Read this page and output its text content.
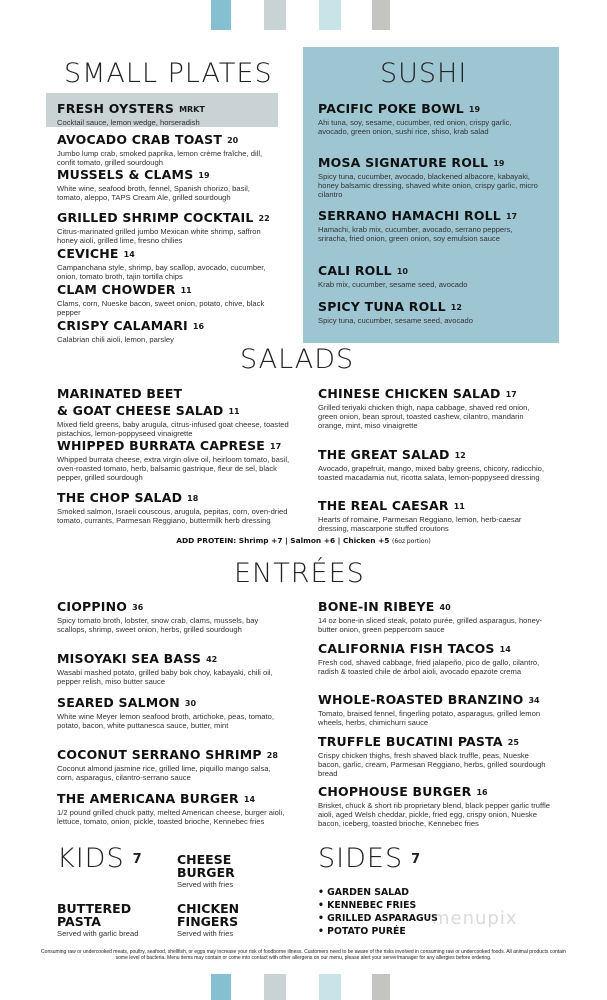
SMALL PLATES	SUSHI
SALADS
ENTRÉES
KIDS 7	SIDES 7
FRESH OYSTERS MRKT
Cocktail sauce, lemon wedge, horseradish
AVOCADO CRAB TOAST 20
Jumbo lump crab, smoked paprika, lemon crème fraîche, dill, confit tomato, grilled sourdough
MUSSELS & CLAMS 19
White wine, seafood broth, fennel, Spanish chorizo, basil, tomato, aleppo, TAPS Cream Ale, grilled sourdough
GRILLED SHRIMP COCKTAIL 22
Citrus-marinated grilled jumbo Mexican white shrimp, saffron honey aioli, grilled lime, fresno chilies
CEVICHE 14
Campanchana style, shrimp, bay scallop, avocado, cucumber, onion, tomato broth, tajin tortilla chips
CLAM CHOWDER 11
Clams, corn, Nueske bacon, sweet onion, potato, chive, black pepper
CRISPY CALAMARI 16
Calabrian chili aioli, lemon, parsley
PACIFIC POKE BOWL 19
Ahi tuna, soy, sesame, cucumber, red onion, crispy garlic, avocado, green onion, sushi rice, shiso, krab salad
MOSA SIGNATURE ROLL 19
Spicy tuna, cucumber, avocado, blackened albacore, kabayaki, honey balsamic dressing, shaved white onion, crispy garlic, micro cilantro
SERRANO HAMACHI ROLL 17
Hamachi, krab mix, cucumber, avocado, serrano peppers, sriracha, fried onion, green onion, soy emulsion sauce
CALI ROLL 10
Krab mix, cucumber, sesame seed, avocado
SPICY TUNA ROLL 12
Spicy tuna, cucumber, sesame seed, avocado
MARINATED BEET
& GOAT CHEESE SALAD 11
Mixed field greens, baby arugula, citrus-infused goat cheese, toasted pistachios, lemon-poppyseed vinaigrette
WHIPPED BURRATA CAPRESE 17
Whipped burrata cheese, extra virgin olive oil, heirloom tomato, basil, oven-roasted tomato, herb, balsamic gastrique, fleur de sel, black pepper, grilled sourdough
THE CHOP SALAD 18
Smoked salmon, Israeli couscous, arugula, pepitas, corn, oven-dried tomato, currants, Parmesan Reggiano, buttermilk herb dressing
CHINESE CHICKEN SALAD 17
Grilled teriyaki chicken thigh, napa cabbage, shaved red onion, green onion, bean sprout, toasted cashew, cilantro, mandarin orange, mint, miso vinaigrette
THE GREAT SALAD 12
Avocado, grapefruit, mango, mixed baby greens, chicory, radicchio, toasted macadamia nut, ricotta salata, lemon-poppyseed dressing
THE REAL CAESAR 11
Hearts of romaine, Parmesan Reggiano, lemon, herb-caesar dressing, mascarpone stuffed croutons
ADD PROTEIN: Shrimp +7 | Salmon +6 | Chicken +5 (6oz portion)
CIOPPINO 36
Spicy tomato broth, lobster, snow crab, clams, mussels, bay scallops, shrimp, sweet onion, herbs, grilled sourdough
MISOYAKI SEA BASS 42
Wasabi mashed potato, grilled baby bok choy, kabayaki, chili oil, pepper relish, miso butter sauce
SEARED SALMON 30
White wine Meyer lemon seafood broth, artichoke, peas, tomato, potato, bacon, white puttanesca sauce, butter, mint
COCONUT SERRANO SHRIMP 28
Coconut almond jasmine rice, grilled lime, piquillo mango salsa, corn, asparagus, cilantro-serrano sauce
THE AMERICANA BURGER 14
1/2 pound grilled chuck patty, melted American cheese, burger aioli, lettuce, tomato, onion, pickle, toasted brioche, Kennebec fries
BONE-IN RIBEYE 40
14 oz bone-in sliced steak, potato purée, grilled asparagus, honey-butter onion, green peppercorn sauce
CALIFORNIA FISH TACOS 14
Fresh cod, shaved cabbage, fried jalapeño, pico de gallo, cilantro, radish & toasted chile de árbol aioli, avocado epazote crema
WHOLE-ROASTED BRANZINO 34
Tomato, braised fennel, fingerling potato, asparagus, grilled lemon wheels, herbs, chimichurri sauce
TRUFFLE BUCATINI PASTA 25
Crispy chicken thighs, fresh shaved black truffle, peas, Nueske bacon, garlic, cream, Parmesan Reggiano, herbs, grilled sourdough bread
CHOPHOUSE BURGER 16
Brisket, chuck & short rib proprietary blend, black pepper garlic truffle aioli, aged Welsh cheddar, pickle, fried egg, crispy onion, Nueske bacon, iceberg, toasted brioche, Kennebec fries
CHEESE
BURGER
Served with fries
BUTTERED
PASTA
Served with garlic bread
CHICKEN
FINGERS
Served with fries
• GARDEN SALAD
• KENNEBEC FRIES
• GRILLED ASPARAGUS
• POTATO PURÉE
menupix
Consuming raw or undercooked meats, poultry, seafood, shellfish, or eggs may increase your risk of foodborne illness. Customers need to be aware of the risks involved in consuming raw or undercooked foods. All animal products contain some level of bacteria. Menu items may contain or come into contact with other allergens on our menu, please alert your server/manager for any allergies before ordering.
